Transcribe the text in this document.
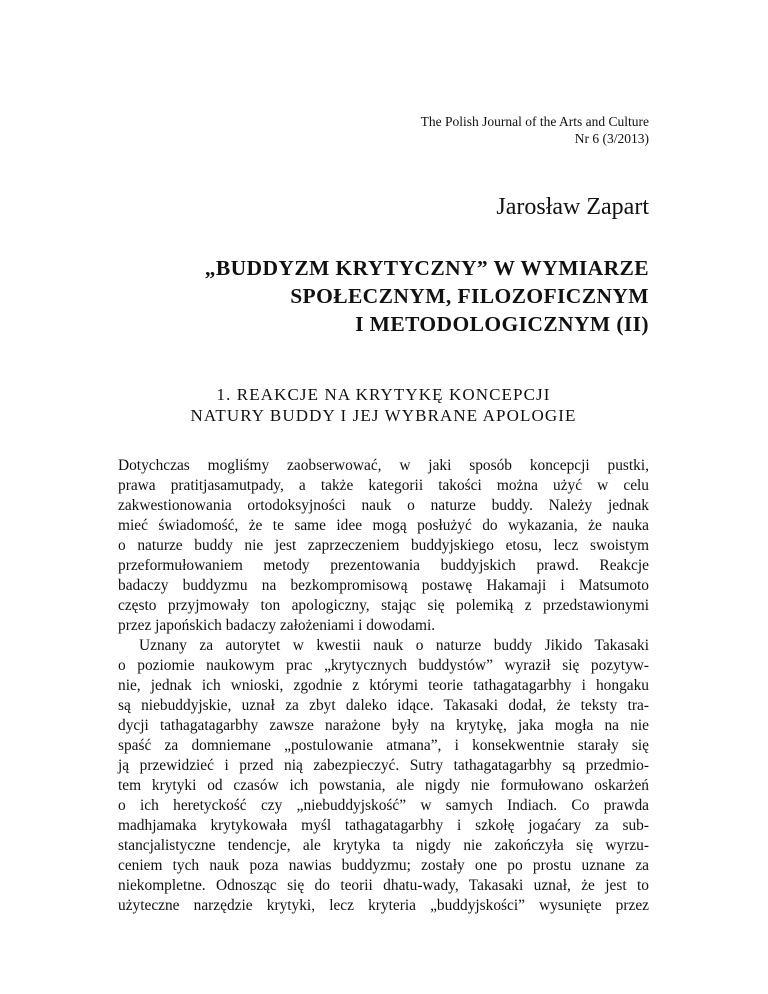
The Polish Journal of the Arts and Culture
Nr 6 (3/2013)
Jarosław Zapart
„BUDDYZM KRYTYCZNY” W WYMIARZE
SPOŁECZNYM, FILOZOFICZNYM
I METODOLOGICZNYM (II)
1. REAKCJE NA KRYTYKĘ KONCEPCJI
NATURY BUDDY I JEJ WYBRANE APOLOGIE
Dotychczas mogliśmy zaobserwować, w jaki sposób koncepcji pustki,
prawa pratitjasamutpady, a także kategorii takości można użyć w celu
zakwestionowania ortodoksyjności nauk o naturze buddy. Należy jednak
mieć świadomość, że te same idee mogą posłużyć do wykazania, że nauka
o naturze buddy nie jest zaprzeczeniem buddyjskiego etosu, lecz swoistym
przeformułowaniem metody prezentowania buddyjskich prawd. Reakcje
badaczy buddyzmu na bezkompromisową postawę Hakamaji i Matsumoto
często przyjmowały ton apologiczny, stając się polemiką z przedstawionymi
przez japońskich badaczy założeniami i dowodami.
Uznany za autorytet w kwestii nauk o naturze buddy Jikido Takasaki
o poziomie naukowym prac „krytycznych buddystów” wyraził się pozytyw-
nie, jednak ich wnioski, zgodnie z którymi teorie tathagatagarbhy i hongaku
są niebuddyjskie, uznał za zbyt daleko idące. Takasaki dodał, że teksty tra-
dycji tathagatagarbhy zawsze narażone były na krytykę, jaka mogła na nie
spaść za domniemane „postulowanie atmana”, i konsekwentnie starały się
ją przewidzieć i przed nią zabezpieczyć. Sutry tathagatagarbhy są przedmio-
tem krytyki od czasów ich powstania, ale nigdy nie formułowano oskarżeń
o ich heretyckość czy „niebuddyjskość” w samych Indiach. Co prawda
madhjamaka krytykowała myśl tathagatagarbhy i szkołę jogaćary za sub-
stancjalistyczne tendencje, ale krytyka ta nigdy nie zakończyła się wyrzu-
ceniem tych nauk poza nawias buddyzmu; zostały one po prostu uznane za
niekompletne. Odnosząc się do teorii dhatu-wady, Takasaki uznał, że jest to
użyteczne narzędzie krytyki, lecz kryteria „buddyjskości” wysunięte przez
